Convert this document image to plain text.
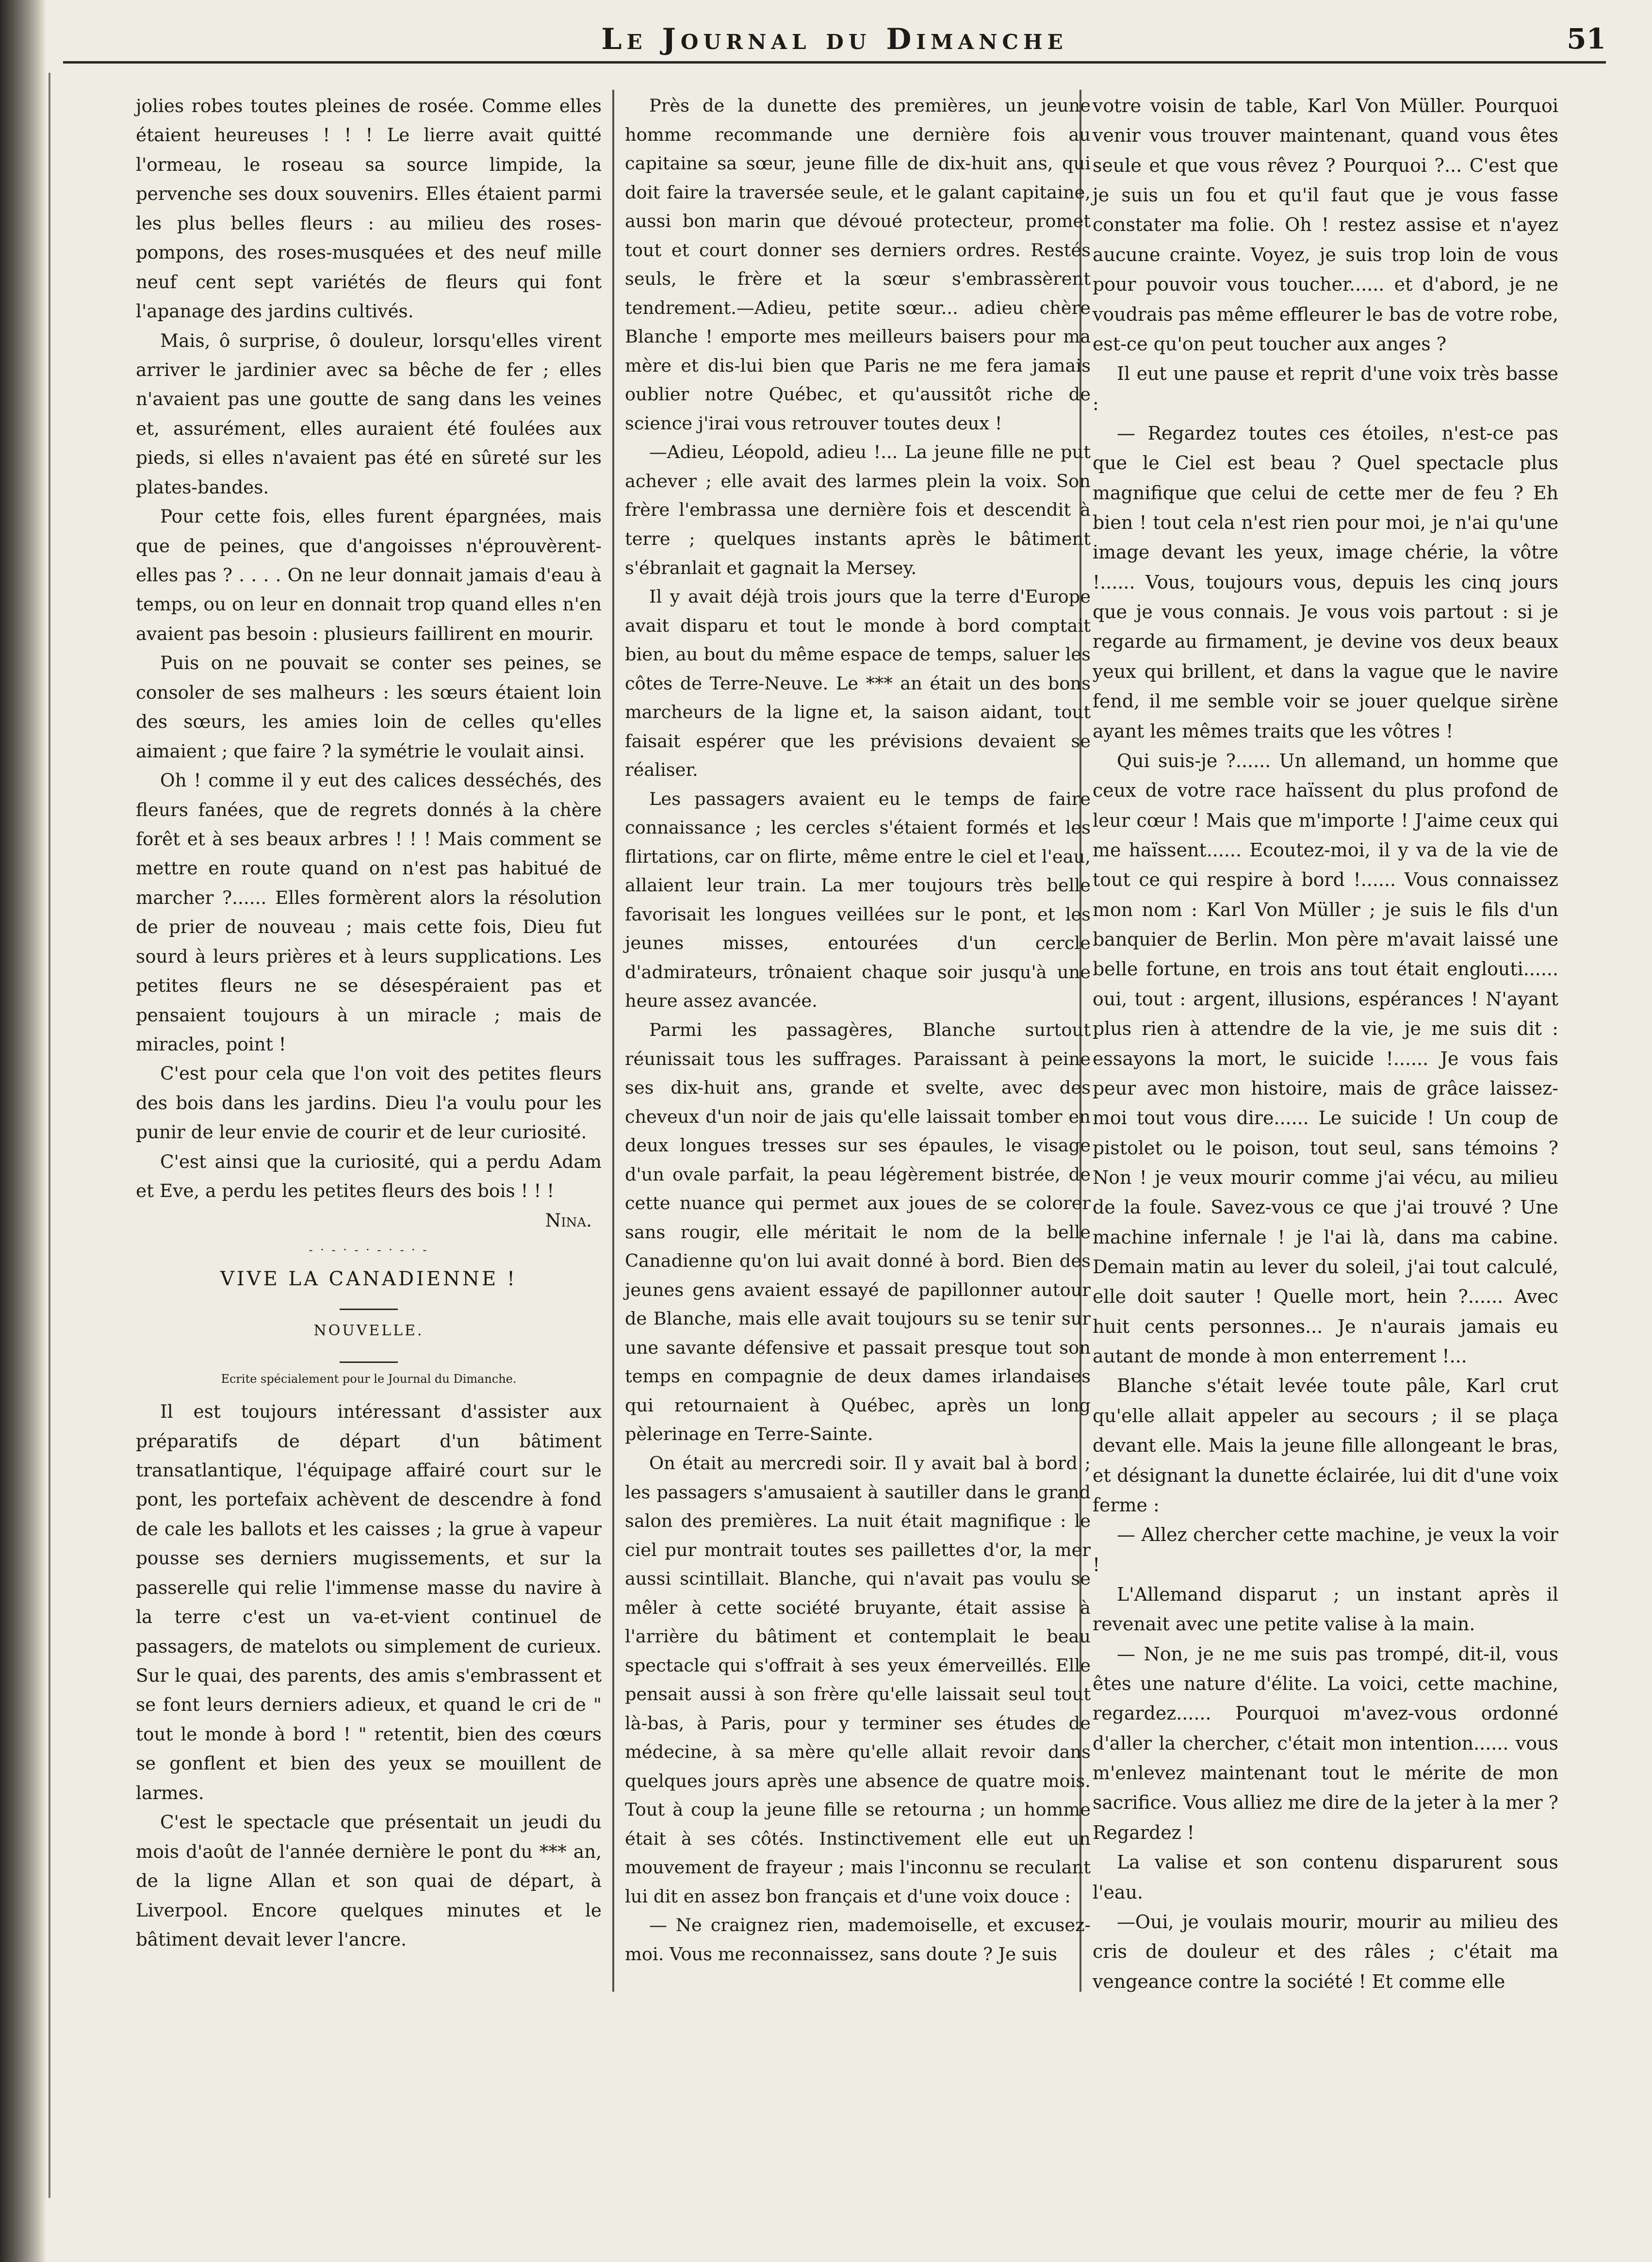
Le Journal du Dimanche	51

jolies robes toutes pleines de rosée. Comme elles étaient heureuses ! ! ! Le lierre avait quitté l'ormeau, le roseau sa source limpide, la pervenche ses doux souvenirs. Elles étaient parmi les plus belles fleurs : au milieu des roses-pompons, des roses-musquées et des neuf mille neuf cent sept variétés de fleurs qui font l'apanage des jardins cultivés.

Mais, ô surprise, ô douleur, lorsqu'elles virent arriver le jardinier avec sa bêche de fer ; elles n'avaient pas une goutte de sang dans les veines et, assurément, elles auraient été foulées aux pieds, si elles n'avaient pas été en sûreté sur les plates-bandes.

Pour cette fois, elles furent épargnées, mais que de peines, que d'angoisses n'éprouvèrent-elles pas ? . . . . On ne leur donnait jamais d'eau à temps, ou on leur en donnait trop quand elles n'en avaient pas besoin : plusieurs faillirent en mourir.

Puis on ne pouvait se conter ses peines, se consoler de ses malheurs : les sœurs étaient loin des sœurs, les amies loin de celles qu'elles aimaient ; que faire ? la symétrie le voulait ainsi.

Oh ! comme il y eut des calices desséchés, des fleurs fanées, que de regrets donnés à la chère forêt et à ses beaux arbres ! ! ! Mais comment se mettre en route quand on n'est pas habitué de marcher ?...... Elles formèrent alors la résolution de prier de nouveau ; mais cette fois, Dieu fut sourd à leurs prières et à leurs supplications. Les petites fleurs ne se désespéraient pas et pensaient toujours à un miracle ; mais de miracles, point !

C'est pour cela que l'on voit des petites fleurs des bois dans les jardins. Dieu l'a voulu pour les punir de leur envie de courir et de leur curiosité.

C'est ainsi que la curiosité, qui a perdu Adam et Eve, a perdu les petites fleurs des bois ! ! !

Nina.

- · - · - · - · - · -
VIVE LA CANADIENNE !
NOUVELLE.
Ecrite spécialement pour le Journal du Dimanche.

Il est toujours intéressant d'assister aux préparatifs de départ d'un bâtiment transatlantique, l'équipage affairé court sur le pont, les portefaix achèvent de descendre à fond de cale les ballots et les caisses ; la grue à vapeur pousse ses derniers mugissements, et sur la passerelle qui relie l'immense masse du navire à la terre c'est un va-et-vient continuel de passagers, de matelots ou simplement de curieux. Sur le quai, des parents, des amis s'embrassent et se font leurs derniers adieux, et quand le cri de " tout le monde à bord ! " retentit, bien des cœurs se gonflent et bien des yeux se mouillent de larmes.

C'est le spectacle que présentait un jeudi du mois d'août de l'année dernière le pont du *** an, de la ligne Allan et son quai de départ, à Liverpool. Encore quelques minutes et le bâtiment devait lever l'ancre.

Près de la dunette des premières, un jeune homme recommande une dernière fois au capitaine sa sœur, jeune fille de dix-huit ans, qui doit faire la traversée seule, et le galant capitaine, aussi bon marin que dévoué protecteur, promet tout et court donner ses derniers ordres. Restés seuls, le frère et la sœur s'embrassèrent tendrement.—Adieu, petite sœur... adieu chère Blanche ! emporte mes meilleurs baisers pour ma mère et dis-lui bien que Paris ne me fera jamais oublier notre Québec, et qu'aussitôt riche de science j'irai vous retrouver toutes deux !

—Adieu, Léopold, adieu !... La jeune fille ne put achever ; elle avait des larmes plein la voix. Son frère l'embrassa une dernière fois et descendit à terre ; quelques instants après le bâtiment s'ébranlait et gagnait la Mersey.

Il y avait déjà trois jours que la terre d'Europe avait disparu et tout le monde à bord comptait bien, au bout du même espace de temps, saluer les côtes de Terre-Neuve. Le *** an était un des bons marcheurs de la ligne et, la saison aidant, tout faisait espérer que les prévisions devaient se réaliser.

Les passagers avaient eu le temps de faire connaissance ; les cercles s'étaient formés et les flirtations, car on flirte, même entre le ciel et l'eau, allaient leur train. La mer toujours très belle favorisait les longues veillées sur le pont, et les jeunes misses, entourées d'un cercle d'admirateurs, trônaient chaque soir jusqu'à une heure assez avancée.

Parmi les passagères, Blanche surtout réunissait tous les suffrages. Paraissant à peine ses dix-huit ans, grande et svelte, avec des cheveux d'un noir de jais qu'elle laissait tomber en deux longues tresses sur ses épaules, le visage d'un ovale parfait, la peau légèrement bistrée, de cette nuance qui permet aux joues de se colorer sans rougir, elle méritait le nom de la belle Canadienne qu'on lui avait donné à bord. Bien des jeunes gens avaient essayé de papillonner autour de Blanche, mais elle avait toujours su se tenir sur une savante défensive et passait presque tout son temps en compagnie de deux dames irlandaises qui retournaient à Québec, après un long pèlerinage en Terre-Sainte.

On était au mercredi soir. Il y avait bal à bord ; les passagers s'amusaient à sautiller dans le grand salon des premières. La nuit était magnifique : le ciel pur montrait toutes ses paillettes d'or, la mer aussi scintillait. Blanche, qui n'avait pas voulu se mêler à cette société bruyante, était assise à l'arrière du bâtiment et contemplait le beau spectacle qui s'offrait à ses yeux émerveillés. Elle pensait aussi à son frère qu'elle laissait seul tout là-bas, à Paris, pour y terminer ses études de médecine, à sa mère qu'elle allait revoir dans quelques jours après une absence de quatre mois. Tout à coup la jeune fille se retourna ; un homme était à ses côtés. Instinctivement elle eut un mouvement de frayeur ; mais l'inconnu se reculant lui dit en assez bon français et d'une voix douce :

— Ne craignez rien, mademoiselle, et excusez-moi. Vous me reconnaissez, sans doute ? Je suis

votre voisin de table, Karl Von Müller. Pourquoi venir vous trouver maintenant, quand vous êtes seule et que vous rêvez ? Pourquoi ?... C'est que je suis un fou et qu'il faut que je vous fasse constater ma folie. Oh ! restez assise et n'ayez aucune crainte. Voyez, je suis trop loin de vous pour pouvoir vous toucher...... et d'abord, je ne voudrais pas même effleurer le bas de votre robe, est-ce qu'on peut toucher aux anges ?

Il eut une pause et reprit d'une voix très basse :

— Regardez toutes ces étoiles, n'est-ce pas que le Ciel est beau ? Quel spectacle plus magnifique que celui de cette mer de feu ? Eh bien ! tout cela n'est rien pour moi, je n'ai qu'une image devant les yeux, image chérie, la vôtre !...... Vous, toujours vous, depuis les cinq jours que je vous connais. Je vous vois partout : si je regarde au firmament, je devine vos deux beaux yeux qui brillent, et dans la vague que le navire fend, il me semble voir se jouer quelque sirène ayant les mêmes traits que les vôtres !

Qui suis-je ?...... Un allemand, un homme que ceux de votre race haïssent du plus profond de leur cœur ! Mais que m'importe ! J'aime ceux qui me haïssent...... Ecoutez-moi, il y va de la vie de tout ce qui respire à bord !...... Vous connaissez mon nom : Karl Von Müller ; je suis le fils d'un banquier de Berlin. Mon père m'avait laissé une belle fortune, en trois ans tout était englouti...... oui, tout : argent, illusions, espérances ! N'ayant plus rien à attendre de la vie, je me suis dit : essayons la mort, le suicide !...... Je vous fais peur avec mon histoire, mais de grâce laissez-moi tout vous dire...... Le suicide ! Un coup de pistolet ou le poison, tout seul, sans témoins ? Non ! je veux mourir comme j'ai vécu, au milieu de la foule. Savez-vous ce que j'ai trouvé ? Une machine infernale ! je l'ai là, dans ma cabine. Demain matin au lever du soleil, j'ai tout calculé, elle doit sauter ! Quelle mort, hein ?...... Avec huit cents personnes... Je n'aurais jamais eu autant de monde à mon enterrement !...

Blanche s'était levée toute pâle, Karl crut qu'elle allait appeler au secours ; il se plaça devant elle. Mais la jeune fille allongeant le bras, et désignant la dunette éclairée, lui dit d'une voix ferme :

— Allez chercher cette machine, je veux la voir !

L'Allemand disparut ; un instant après il revenait avec une petite valise à la main.

— Non, je ne me suis pas trompé, dit-il, vous êtes une nature d'élite. La voici, cette machine, regardez...... Pourquoi m'avez-vous ordonné d'aller la chercher, c'était mon intention...... vous m'enlevez maintenant tout le mérite de mon sacrifice. Vous alliez me dire de la jeter à la mer ? Regardez !

La valise et son contenu disparurent sous l'eau.

—Oui, je voulais mourir, mourir au milieu des cris de douleur et des râles ; c'était ma vengeance contre la société ! Et comme elle
